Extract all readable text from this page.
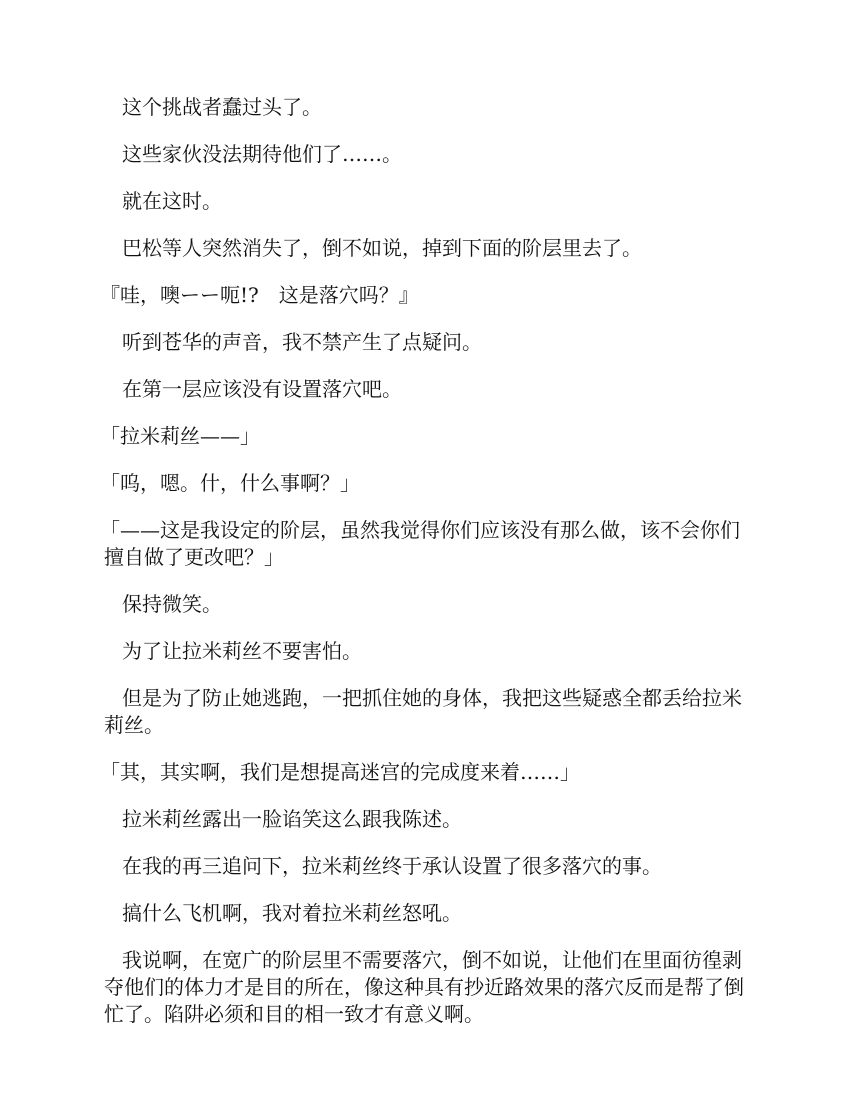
这个挑战者蠢过头了。

这些家伙没法期待他们了……。

就在这时。

巴松等人突然消失了，倒不如说，掉到下面的阶层里去了。

『哇，噢ーー呃!?　这是落穴吗？』

听到苍华的声音，我不禁产生了点疑问。

在第一层应该没有设置落穴吧。

「拉米莉丝——」

「呜，嗯。什，什么事啊？」

「——这是我设定的阶层，虽然我觉得你们应该没有那么做，该不会你们擅自做了更改吧？」

保持微笑。

为了让拉米莉丝不要害怕。

但是为了防止她逃跑，一把抓住她的身体，我把这些疑惑全都丢给拉米莉丝。

「其，其实啊，我们是想提高迷宫的完成度来着……」

拉米莉丝露出一脸谄笑这么跟我陈述。

在我的再三追问下，拉米莉丝终于承认设置了很多落穴的事。

搞什么飞机啊，我对着拉米莉丝怒吼。

我说啊，在宽广的阶层里不需要落穴，倒不如说，让他们在里面彷徨剥夺他们的体力才是目的所在，像这种具有抄近路效果的落穴反而是帮了倒忙了。陷阱必须和目的相一致才有意义啊。
